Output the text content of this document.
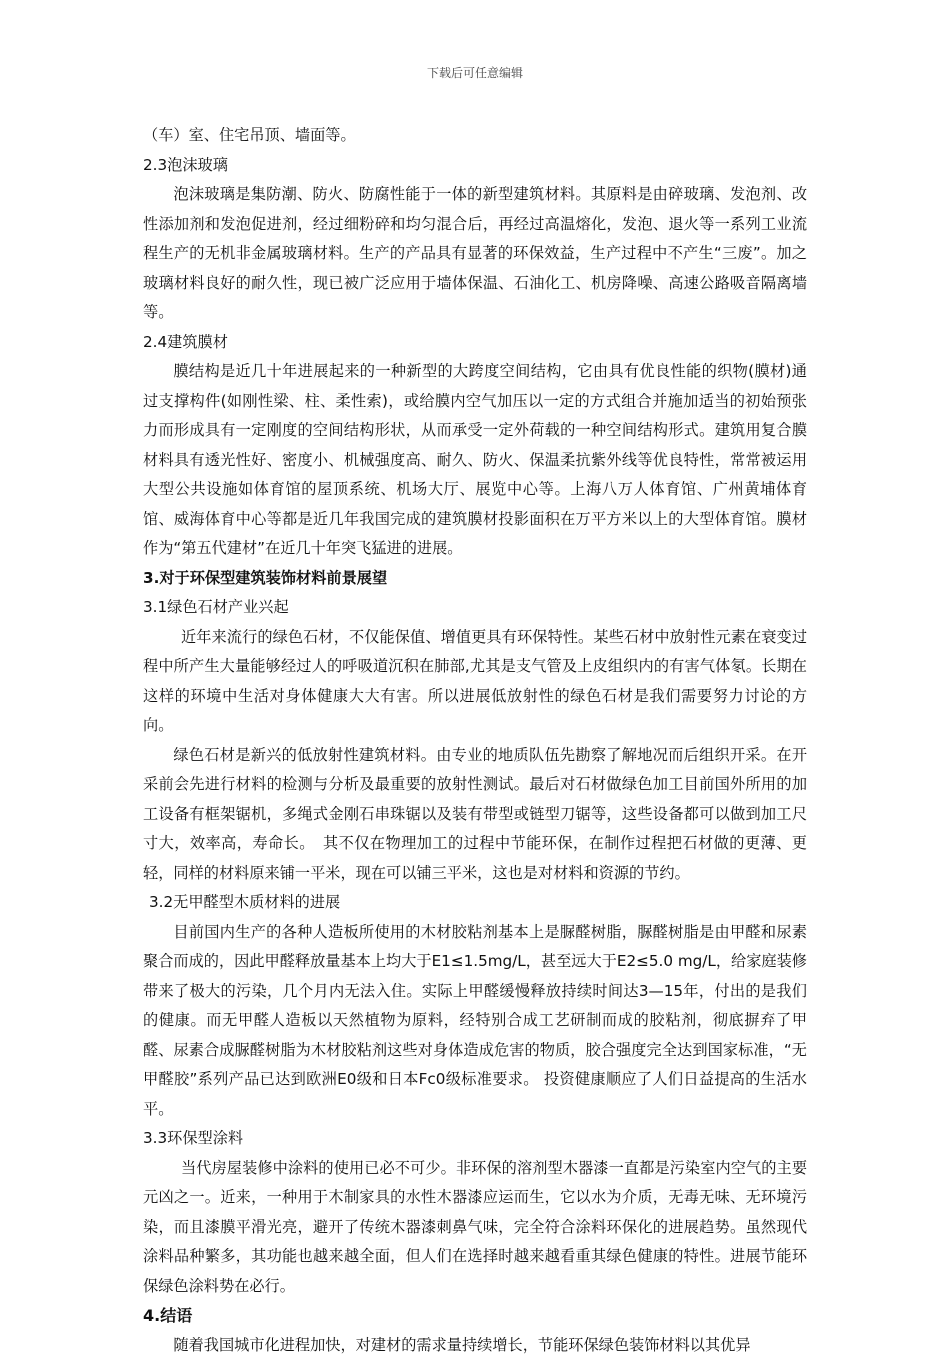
下载后可任意编辑

（车）室、住宅吊顶、墙面等。

2.3泡沫玻璃

泡沫玻璃是集防潮、防火、防腐性能于一体的新型建筑材料。其原料是由碎玻璃、发泡剂、改性添加剂和发泡促进剂，经过细粉碎和均匀混合后，再经过高温熔化，发泡、退火等一系列工业流程生产的无机非金属玻璃材料。生产的产品具有显著的环保效益，生产过程中不产生“三废”。加之玻璃材料良好的耐久性，现已被广泛应用于墙体保温、石油化工、机房降噪、高速公路吸音隔离墙等。

2.4建筑膜材

膜结构是近几十年进展起来的一种新型的大跨度空间结构，它由具有优良性能的织物(膜材)通过支撑构件(如刚性梁、柱、柔性索)，或给膜内空气加压以一定的方式组合并施加适当的初始预张力而形成具有一定刚度的空间结构形状，从而承受一定外荷载的一种空间结构形式。建筑用复合膜材料具有透光性好、密度小、机械强度高、耐久、防火、保温柔抗紫外线等优良特性，常常被运用大型公共设施如体育馆的屋顶系统、机场大厅、展览中心等。上海八万人体育馆、广州黄埔体育馆、威海体育中心等都是近几年我国完成的建筑膜材投影面积在万平方米以上的大型体育馆。膜材作为“第五代建材”在近几十年突飞猛进的进展。

3.对于环保型建筑装饰材料前景展望
3.1绿色石材产业兴起

近年来流行的绿色石材，不仅能保值、增值更具有环保特性。某些石材中放射性元素在衰变过程中所产生大量能够经过人的呼吸道沉积在肺部,尤其是支气管及上皮组织内的有害气体氡。长期在这样的环境中生活对身体健康大大有害。所以进展低放射性的绿色石材是我们需要努力讨论的方向。

绿色石材是新兴的低放射性建筑材料。由专业的地质队伍先勘察了解地况而后组织开采。在开采前会先进行材料的检测与分析及最重要的放射性测试。最后对石材做绿色加工目前国外所用的加工设备有框架锯机，多绳式金刚石串珠锯以及装有带型或链型刀锯等，这些设备都可以做到加工尺寸大，效率高，寿命长。　其不仅在物理加工的过程中节能环保，在制作过程把石材做的更薄、更轻，同样的材料原来铺一平米，现在可以铺三平米，这也是对材料和资源的节约。

3.2无甲醛型木质材料的进展

目前国内生产的各种人造板所使用的木材胶粘剂基本上是脲醛树脂，脲醛树脂是由甲醛和尿素聚合而成的，因此甲醛释放量基本上均大于E1≤1.5mg/L，甚至远大于E2≤5.0 mg/L，给家庭装修带来了极大的污染，几个月内无法入住。实际上甲醛缓慢释放持续时间达3—15年，付出的是我们的健康。而无甲醛人造板以天然植物为原料，经特别合成工艺研制而成的胶粘剂，彻底摒弃了甲醛、尿素合成脲醛树脂为木材胶粘剂这些对身体造成危害的物质，胶合强度完全达到国家标准，“无甲醛胶”系列产品已达到欧洲E0级和日本Fc0级标准要求。 投资健康顺应了人们日益提高的生活水平。

3.3环保型涂料

当代房屋装修中涂料的使用已必不可少。非环保的溶剂型木器漆一直都是污染室内空气的主要元凶之一。近来，一种用于木制家具的水性木器漆应运而生，它以水为介质，无毒无味、无环境污染，而且漆膜平滑光亮，避开了传统木器漆刺鼻气味，完全符合涂料环保化的进展趋势。虽然现代涂料品种繁多，其功能也越来越全面，但人们在选择时越来越看重其绿色健康的特性。进展节能环保绿色涂料势在必行。

4.结语

随着我国城市化进程加快，对建材的需求量持续增长，节能环保绿色装饰材料以其优异
